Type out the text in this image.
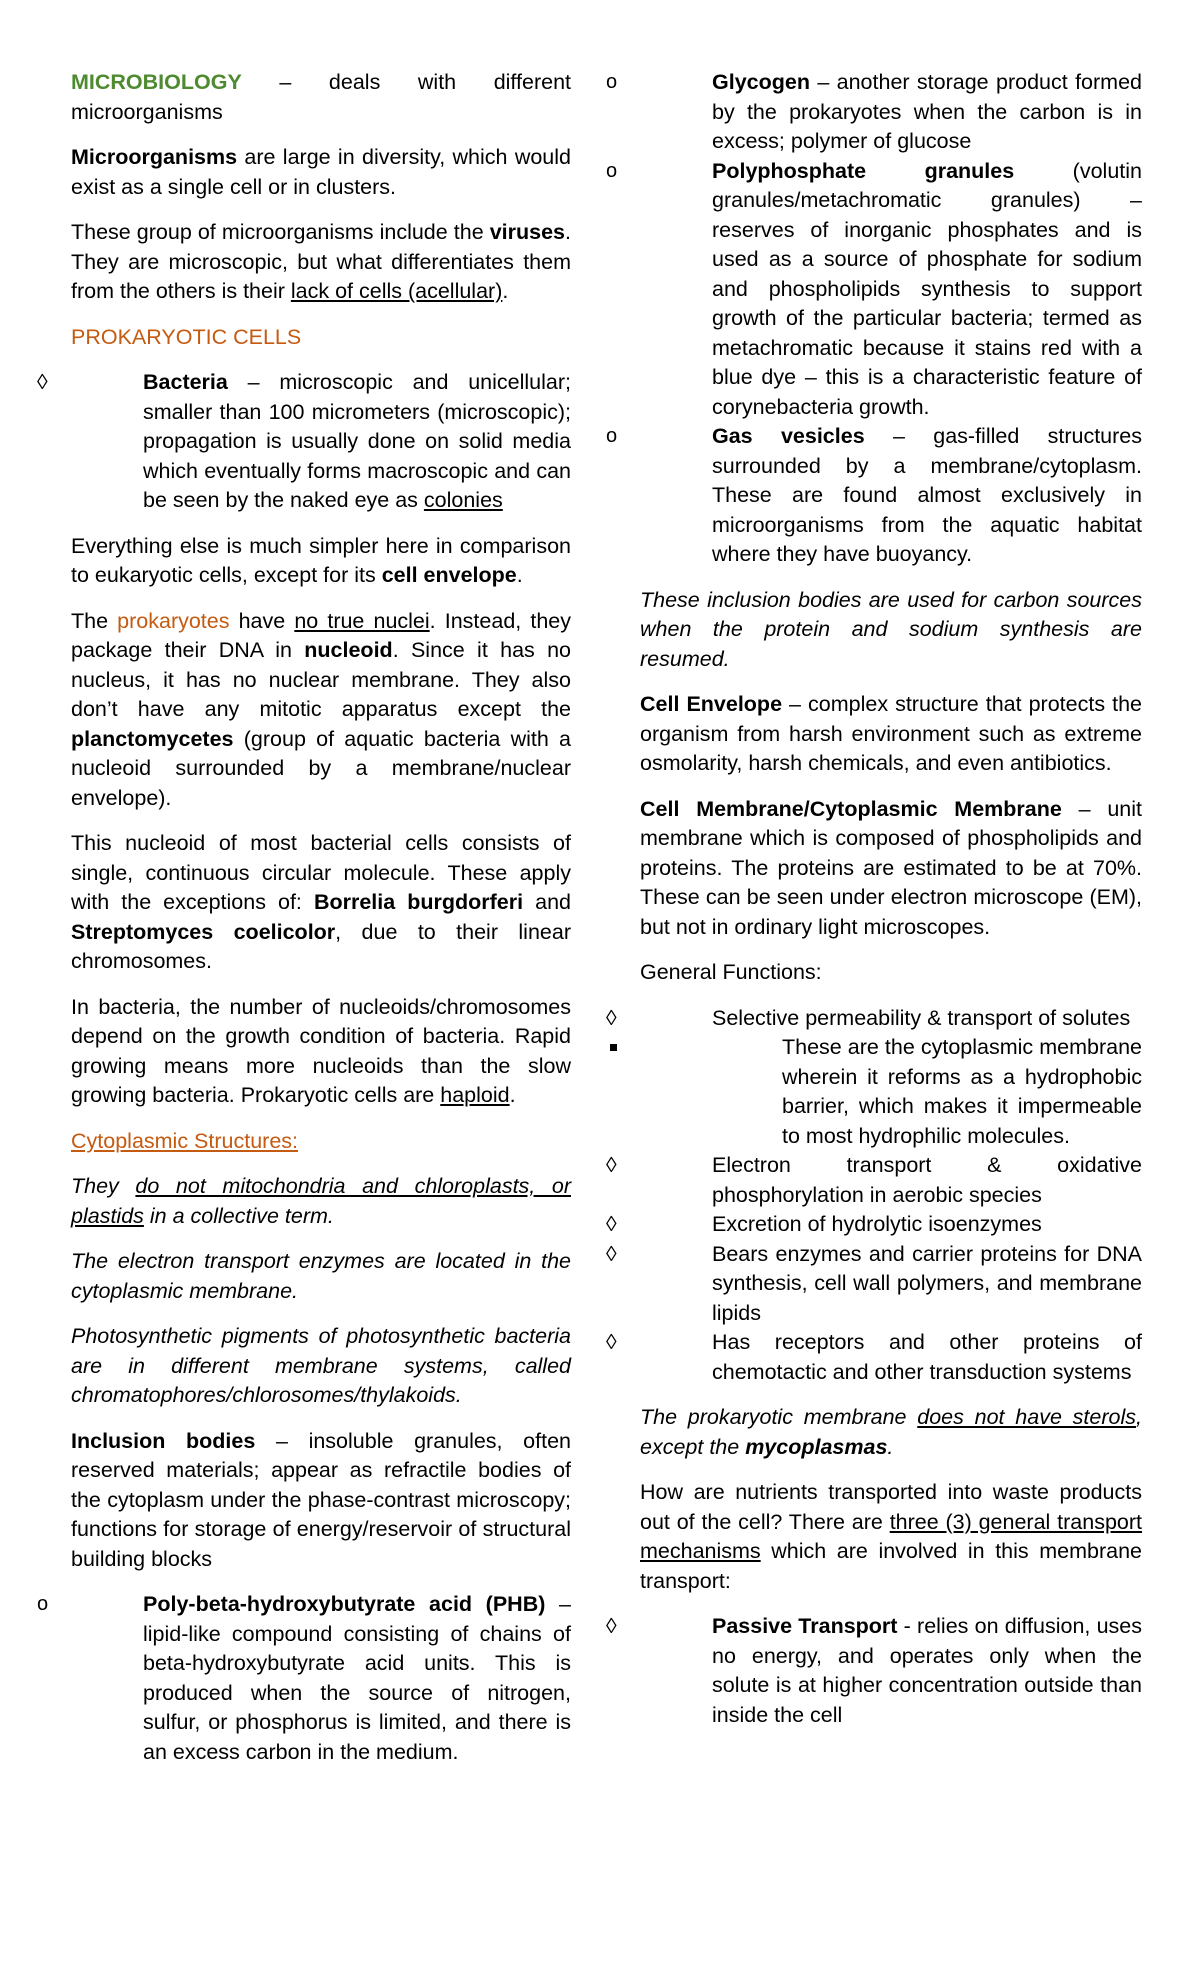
MICROBIOLOGY – deals with different microorganisms

Microorganisms are large in diversity, which would exist as a single cell or in clusters.

These group of microorganisms include the viruses. They are microscopic, but what differentiates them from the others is their lack of cells (acellular).

PROKARYOTIC CELLS

◊	Bacteria – microscopic and unicellular; smaller than 100 micrometers (microscopic); propagation is usually done on solid media which eventually forms macroscopic and can be seen by the naked eye as colonies

Everything else is much simpler here in comparison to eukaryotic cells, except for its cell envelope.

The prokaryotes have no true nuclei. Instead, they package their DNA in nucleoid. Since it has no nucleus, it has no nuclear membrane. They also don’t have any mitotic apparatus except the planctomycetes (group of aquatic bacteria with a nucleoid surrounded by a membrane/nuclear envelope).

This nucleoid of most bacterial cells consists of single, continuous circular molecule. These apply with the exceptions of: Borrelia burgdorferi and Streptomyces coelicolor, due to their linear chromosomes.

In bacteria, the number of nucleoids/chromosomes depend on the growth condition of bacteria. Rapid growing means more nucleoids than the slow growing bacteria. Prokaryotic cells are haploid.

Cytoplasmic Structures:

They do not mitochondria and chloroplasts, or plastids in a collective term.

The electron transport enzymes are located in the cytoplasmic membrane.

Photosynthetic pigments of photosynthetic bacteria are in different membrane systems, called chromatophores/chlorosomes/thylakoids.

Inclusion bodies – insoluble granules, often reserved materials; appear as refractile bodies of the cytoplasm under the phase-contrast microscopy; functions for storage of energy/reservoir of structural building blocks

o	Poly-beta-hydroxybutyrate acid (PHB) – lipid-like compound consisting of chains of beta-hydroxybutyrate acid units. This is produced when the source of nitrogen, sulfur, or phosphorus is limited, and there is an excess carbon in the medium.
o	Glycogen – another storage product formed by the prokaryotes when the carbon is in excess; polymer of glucose
o	Polyphosphate granules (volutin granules/metachromatic granules) – reserves of inorganic phosphates and is used as a source of phosphate for sodium and phospholipids synthesis to support growth of the particular bacteria; termed as metachromatic because it stains red with a blue dye – this is a characteristic feature of corynebacteria growth.
o	Gas vesicles – gas-filled structures surrounded by a membrane/cytoplasm. These are found almost exclusively in microorganisms from the aquatic habitat where they have buoyancy.

These inclusion bodies are used for carbon sources when the protein and sodium synthesis are resumed.

Cell Envelope – complex structure that protects the organism from harsh environment such as extreme osmolarity, harsh chemicals, and even antibiotics.

Cell Membrane/Cytoplasmic Membrane – unit membrane which is composed of phospholipids and proteins. The proteins are estimated to be at 70%. These can be seen under electron microscope (EM), but not in ordinary light microscopes.

General Functions:

◊	Selective permeability & transport of solutes
These are the cytoplasmic membrane wherein it reforms as a hydrophobic barrier, which makes it impermeable to most hydrophilic molecules.
◊	Electron transport & oxidative phosphorylation in aerobic species
◊	Excretion of hydrolytic isoenzymes
◊	Bears enzymes and carrier proteins for DNA synthesis, cell wall polymers, and membrane lipids
◊	Has receptors and other proteins of chemotactic and other transduction systems

The prokaryotic membrane does not have sterols, except the mycoplasmas.

How are nutrients transported into waste products out of the cell? There are three (3) general transport mechanisms which are involved in this membrane transport:

◊	Passive Transport - relies on diffusion, uses no energy, and operates only when the solute is at higher concentration outside than inside the cell
